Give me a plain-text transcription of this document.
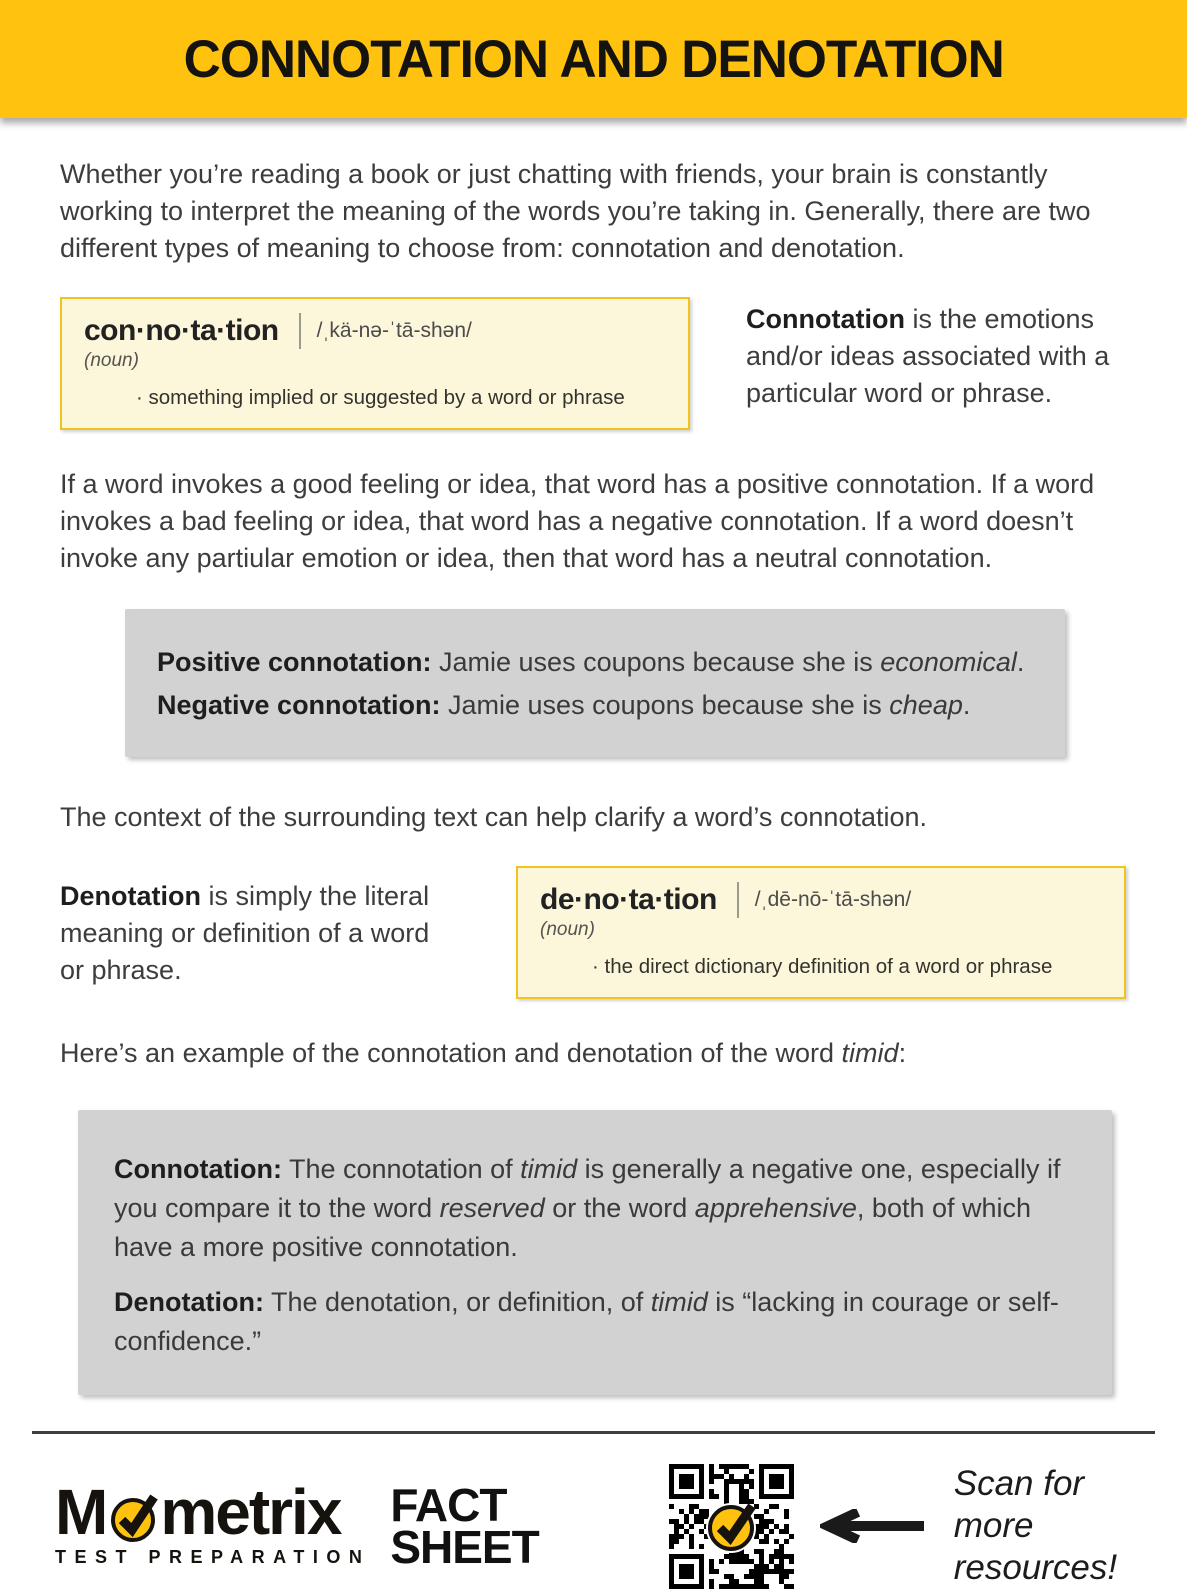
CONNOTATION AND DENOTATION

Whether you’re reading a book or just chatting with friends, your brain is constantly working to interpret the meaning of the words you’re taking in. Generally, there are two different types of meaning to choose from: connotation and denotation.

con·no·ta·tion /ˌkä-nə-ˈtā-shən/
(noun)
· something implied or suggested by a word or phrase

Connotation is the emotions and/or ideas associated with a particular word or phrase.

If a word invokes a good feeling or idea, that word has a positive connotation. If a word invokes a bad feeling or idea, that word has a negative connotation. If a word doesn’t invoke any partiular emotion or idea, then that word has a neutral connotation.

Positive connotation: Jamie uses coupons because she is economical.

Negative connotation: Jamie uses coupons because she is cheap.

The context of the surrounding text can help clarify a word’s connotation.

Denotation is simply the literal meaning or definition of a word or phrase.

de·no·ta·tion /ˌdē-nō-ˈtā-shən/
(noun)
· the direct dictionary definition of a word or phrase

Here’s an example of the connotation and denotation of the word timid:

Connotation: The connotation of timid is generally a negative one, especially if you compare it to the word reserved or the word apprehensive, both of which have a more positive connotation.

Denotation: The denotation, or definition, of timid is “lacking in courage or self-confidence.”

M metrix
TEST PREPARATION
FACT
SHEET
Scan for more
resources!
